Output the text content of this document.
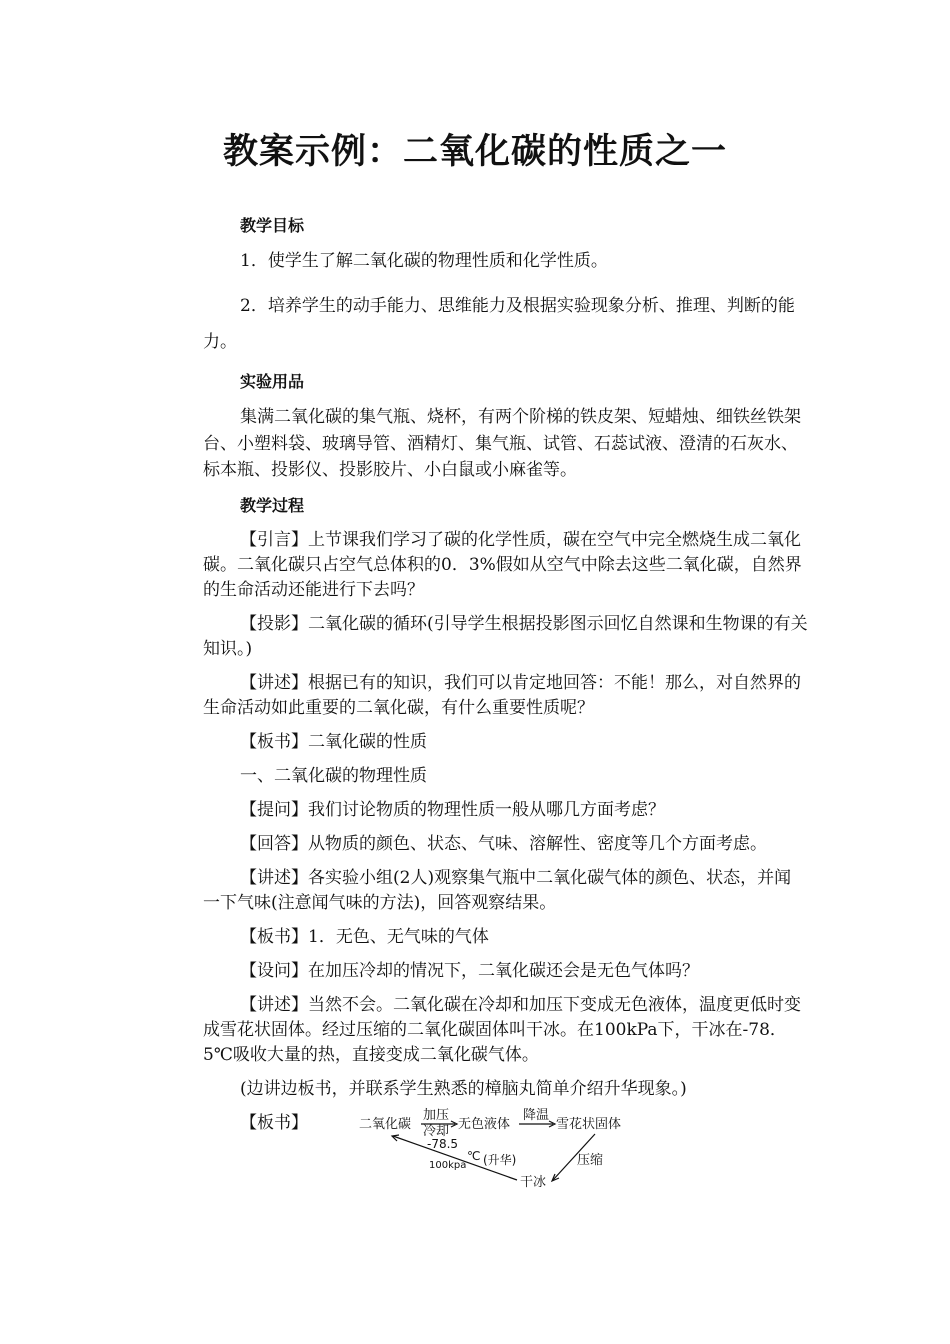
教案示例：二氧化碳的性质之一
教学目标

1．使学生了解二氧化碳的物理性质和化学性质。

2．培养学生的动手能力、思维能力及根据实验现象分析、推理、判断的能力。

实验用品

集满二氧化碳的集气瓶、烧杯，有两个阶梯的铁皮架、短蜡烛、细铁丝铁架台、小塑料袋、玻璃导管、酒精灯、集气瓶、试管、石蕊试液、澄清的石灰水、标本瓶、投影仪、投影胶片、小白鼠或小麻雀等。

教学过程

【引言】上节课我们学习了碳的化学性质，碳在空气中完全燃烧生成二氧化碳。二氧化碳只占空气总体积的0．3%假如从空气中除去这些二氧化碳，自然界的生命活动还能进行下去吗？

【投影】二氧化碳的循环(引导学生根据投影图示回忆自然课和生物课的有关知识。)

【讲述】根据已有的知识，我们可以肯定地回答：不能！那么，对自然界的生命活动如此重要的二氧化碳，有什么重要性质呢？

【板书】二氧化碳的性质

一、二氧化碳的物理性质

【提问】我们讨论物质的物理性质一般从哪几方面考虑？

【回答】从物质的颜色、状态、气味、溶解性、密度等几个方面考虑。

【讲述】各实验小组(2人)观察集气瓶中二氧化碳气体的颜色、状态，并闻一下气味(注意闻气味的方法)，回答观察结果。

【板书】1．无色、无气味的气体

【设问】在加压冷却的情况下，二氧化碳还会是无色气体吗？

【讲述】当然不会。二氧化碳在冷却和加压下变成无色液体，温度更低时变成雪花状固体。经过压缩的二氧化碳固体叫干冰。在100kPa下，干冰在-78．5℃吸收大量的热，直接变成二氧化碳气体。

(边讲边板书，并联系学生熟悉的樟脑丸简单介绍升华现象。)

【板书】	二氧化碳
加压
冷却 无色液体
降温
雪花状固体
压缩
干冰
-78.5
℃ (升华)
100kpa
